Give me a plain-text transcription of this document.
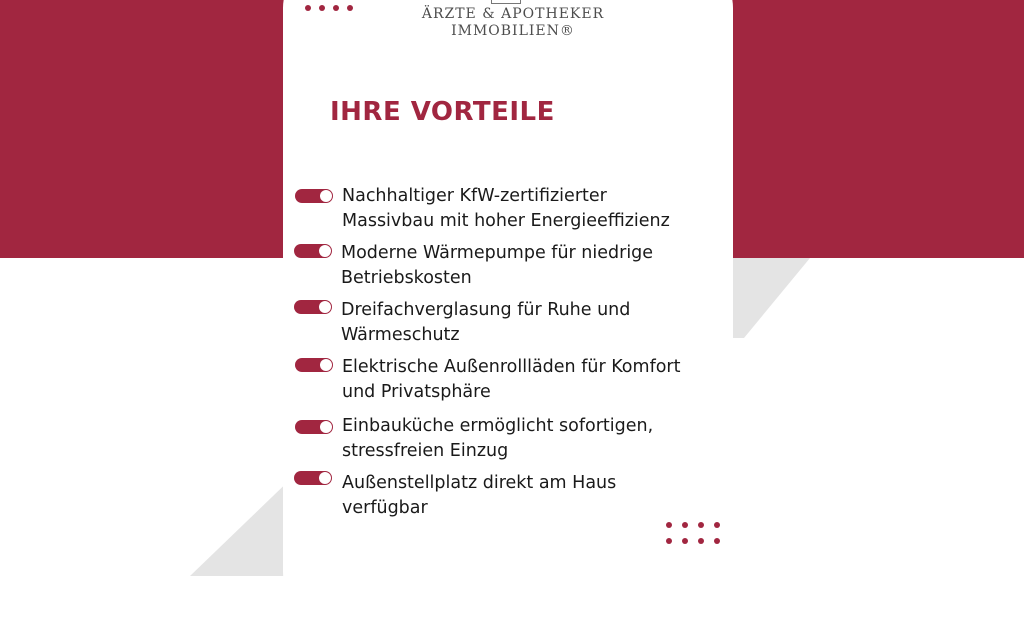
ÄRZTE & APOTHEKER
IMMOBILIEN®
IHRE VORTEILE
Nachhaltiger KfW-zertifizierter
Massivbau mit hoher Energieeffizienz
Moderne Wärmepumpe für niedrige
Betriebskosten
Dreifachverglasung für Ruhe und
Wärmeschutz
Elektrische Außenrollläden für Komfort
und Privatsphäre
Einbauküche ermöglicht sofortigen,
stressfreien Einzug
Außenstellplatz direkt am Haus
verfügbar
